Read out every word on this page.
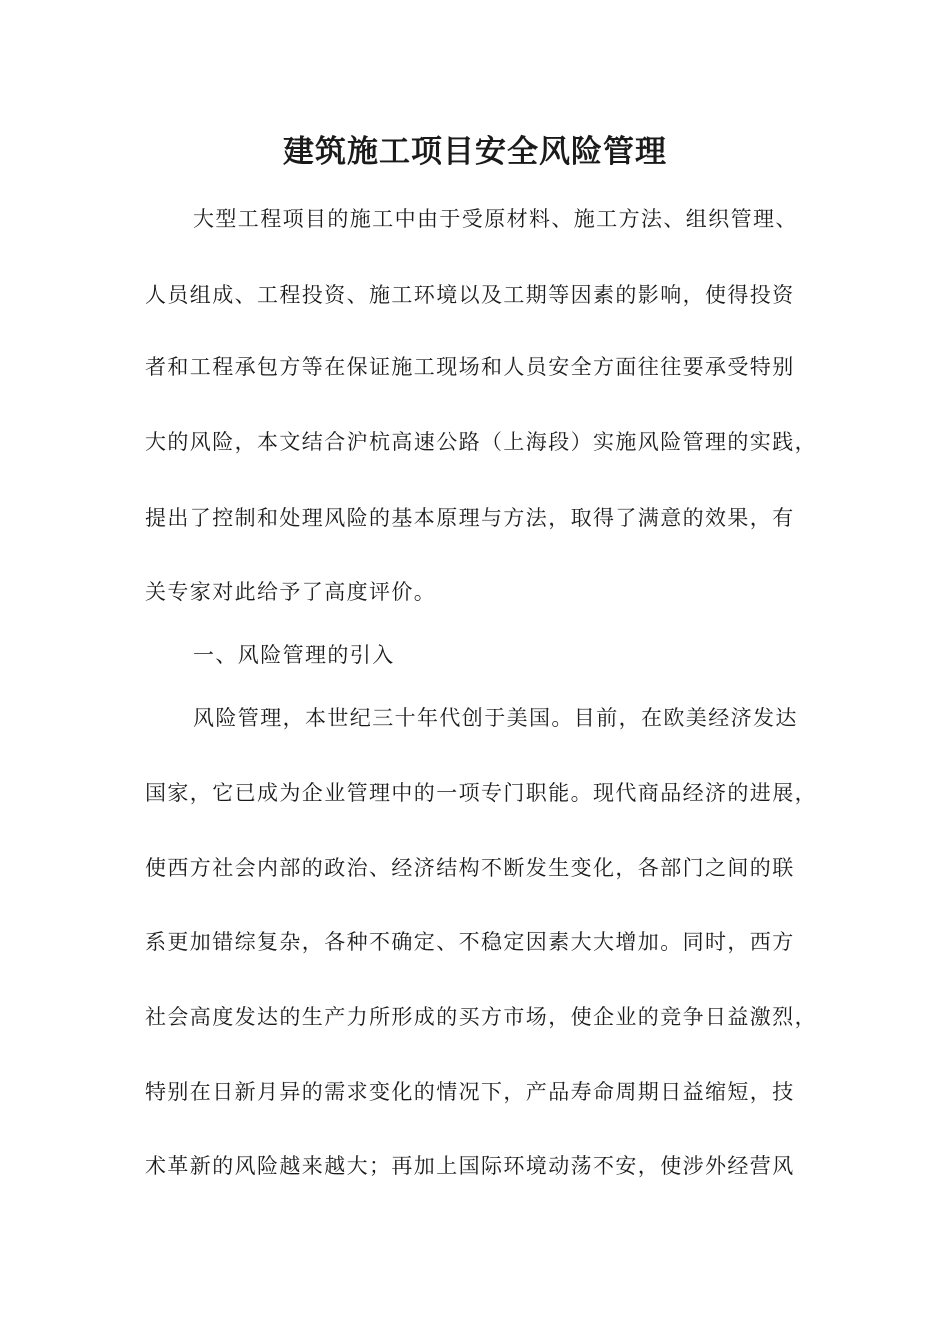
建筑施工项目安全风险管理

大型工程项目的施工中由于受原材料、施工方法、组织管理、

人员组成、工程投资、施工环境以及工期等因素的影响，使得投资

者和工程承包方等在保证施工现场和人员安全方面往往要承受特别

大的风险，本文结合沪杭高速公路（上海段）实施风险管理的实践，

提出了控制和处理风险的基本原理与方法，取得了满意的效果，有

关专家对此给予了高度评价。

一、风险管理的引入

风险管理，本世纪三十年代创于美国。目前，在欧美经济发达

国家，它已成为企业管理中的一项专门职能。现代商品经济的进展，

使西方社会内部的政治、经济结构不断发生变化，各部门之间的联

系更加错综复杂，各种不确定、不稳定因素大大增加。同时，西方

社会高度发达的生产力所形成的买方市场，使企业的竞争日益激烈，

特别在日新月异的需求变化的情况下，产品寿命周期日益缩短，技

术革新的风险越来越大；再加上国际环境动荡不安，使涉外经营风
